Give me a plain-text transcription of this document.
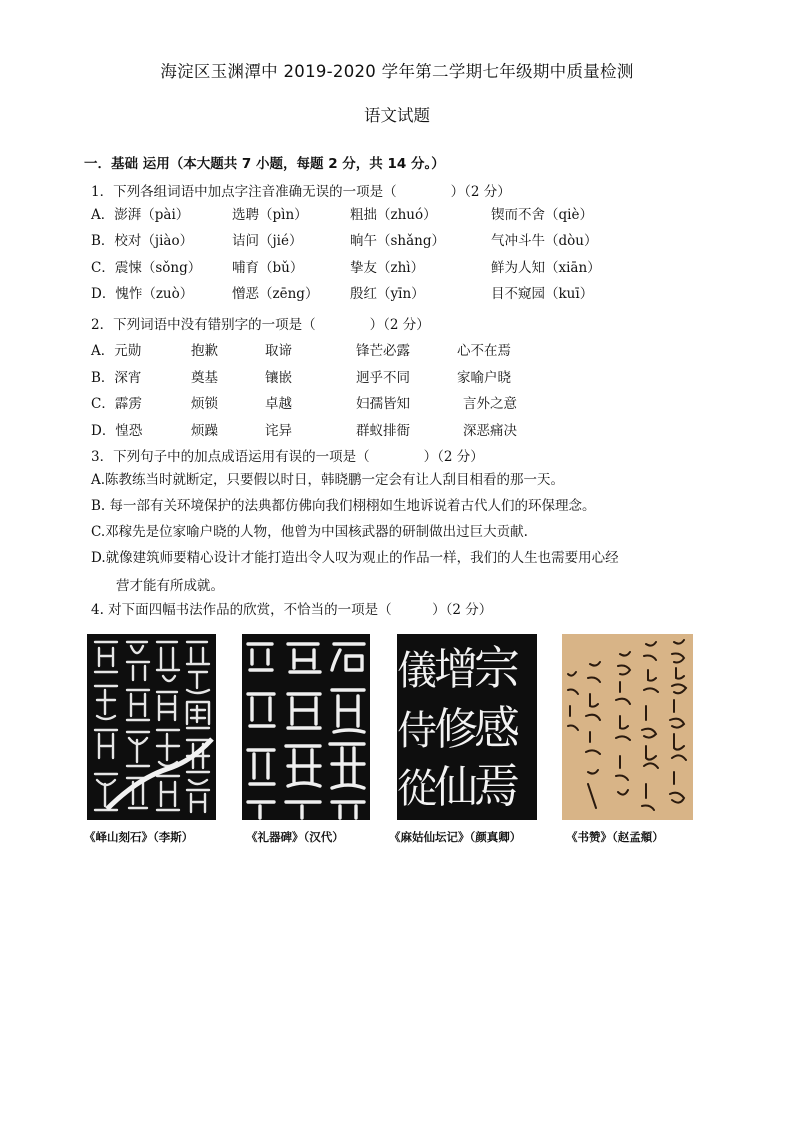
海淀区玉渊潭中 2019-2020 学年第二学期七年级期中质量检测
语文试题
一．基础 运用（本大题共 7 小题，每题 2 分，共 14 分。）
1．下列各组词语中加点字注音准确无误的一项是（　　　　）（2 分）
A．澎湃（pài）	选聘（pìn）	粗拙（zhuó）	锲而不舍（qiè）
B．校对（jiào）	诘问（jié）	晌午（shǎng）	气冲斗牛（dòu）
C．震悚（sǒng） 哺育（bǔ）	挚友（zhì）	鲜为人知（xiān）
D．愧怍（zuò）	憎恶（zēng） 殷红（yīn）	目不窥园（kuī）
2．下列词语中没有错别字的一项是（　　　　）（2 分）
A．元勋	抱歉	取谛	锋芒必露	心不在焉
B．深宵	奠基	镶嵌	迥乎不同	家喻户晓
C．霹雳	烦锁	卓越	妇孺皆知	言外之意
D．惶恐	烦躁	诧异	群蚁排衙	深恶痛决
3．下列句子中的加点成语运用有误的一项是（　　　　）（2 分）
A.陈教练当时就断定，只要假以时日，韩晓鹏一定会有让人刮目相看的那一天。
B. 每一部有关环境保护的法典都仿佛向我们栩栩如生地诉说着古代人们的环保理念。
C.邓稼先是位家喻户晓的人物，他曾为中国核武器的研制做出过巨大贡献.
D.就像建筑师要精心设计才能打造出令人叹为观止的作品一样，我们的人生也需要用心经
营才能有所成就。
4. 对下面四幅书法作品的欣赏，不恰当的一项是（　　　）（2 分）
宗
感
焉
增
修
仙
儀
侍
從
《峄山刻石》（李斯）	《礼器碑》（汉代）	《麻姑仙坛记》（颜真卿）	《书赞》（赵孟頫）
